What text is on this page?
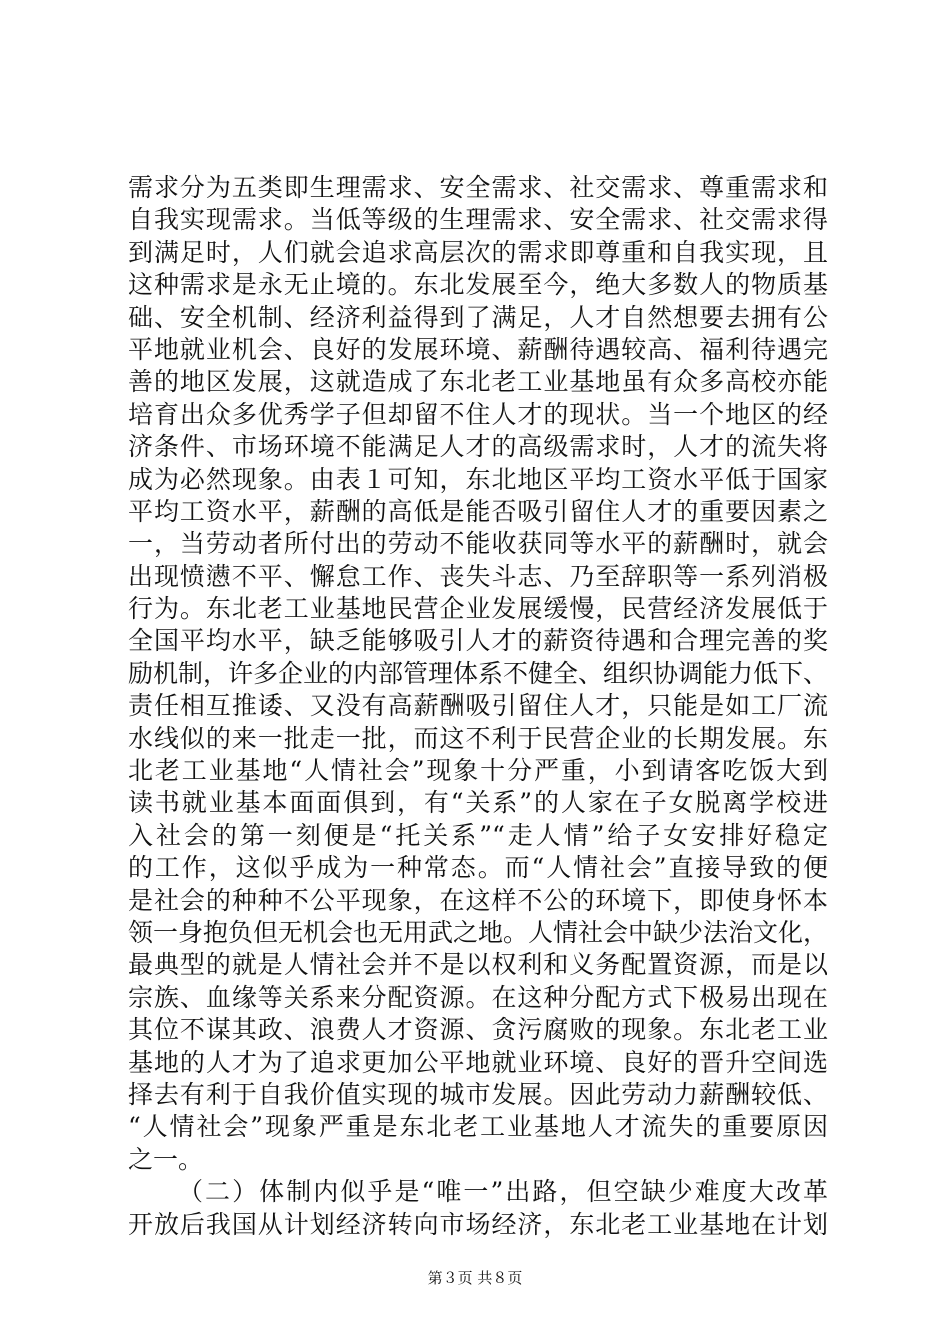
需求分为五类即生理需求、安全需求、社交需求、尊重需求和
自我实现需求。当低等级的生理需求、安全需求、社交需求得
到满足时，人们就会追求高层次的需求即尊重和自我实现，且
这种需求是永无止境的。东北发展至今，绝大多数人的物质基
础、安全机制、经济利益得到了满足，人才自然想要去拥有公
平地就业机会、良好的发展环境、薪酬待遇较高、福利待遇完
善的地区发展，这就造成了东北老工业基地虽有众多高校亦能
培育出众多优秀学子但却留不住人才的现状。当一个地区的经
济条件、市场环境不能满足人才的高级需求时，人才的流失将
成为必然现象。由表１可知，东北地区平均工资水平低于国家
平均工资水平，薪酬的高低是能否吸引留住人才的重要因素之
一，当劳动者所付出的劳动不能收获同等水平的薪酬时，就会
出现愤懑不平、懈怠工作、丧失斗志、乃至辞职等一系列消极
行为。东北老工业基地民营企业发展缓慢，民营经济发展低于
全国平均水平，缺乏能够吸引人才的薪资待遇和合理完善的奖
励机制，许多企业的内部管理体系不健全、组织协调能力低下、
责任相互推诿、又没有高薪酬吸引留住人才，只能是如工厂流
水线似的来一批走一批，而这不利于民营企业的长期发展。东
北老工业基地“人情社会”现象十分严重，小到请客吃饭大到
读书就业基本面面俱到，有“关系”的人家在子女脱离学校进
入社会的第一刻便是“托关系”“走人情”给子女安排好稳定
的工作，这似乎成为一种常态。而“人情社会”直接导致的便
是社会的种种不公平现象，在这样不公的环境下，即使身怀本
领一身抱负但无机会也无用武之地。人情社会中缺少法治文化，
最典型的就是人情社会并不是以权利和义务配置资源，而是以
宗族、血缘等关系来分配资源。在这种分配方式下极易出现在
其位不谋其政、浪费人才资源、贪污腐败的现象。东北老工业
基地的人才为了追求更加公平地就业环境、良好的晋升空间选
择去有利于自我价值实现的城市发展。因此劳动力薪酬较低、
“人情社会”现象严重是东北老工业基地人才流失的重要原因
之一。
（二）体制内似乎是“唯一”出路，但空缺少难度大改革
开放后我国从计划经济转向市场经济，东北老工业基地在计划
第３页 共８页
